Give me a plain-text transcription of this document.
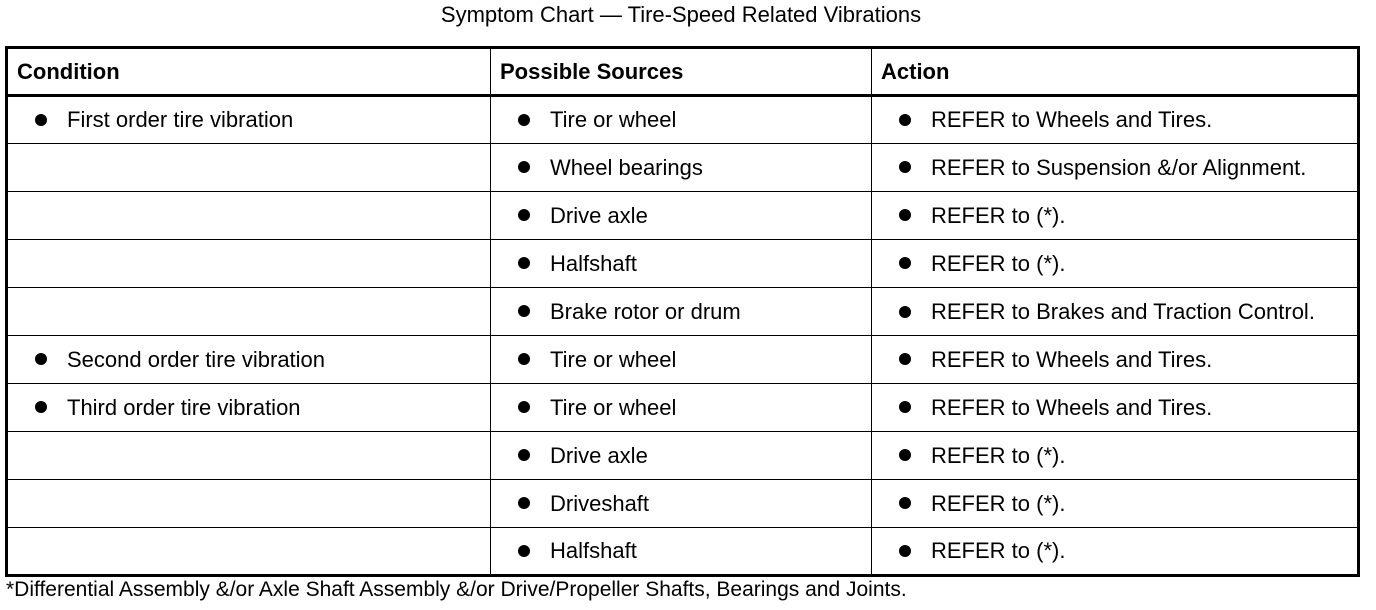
Symptom Chart — Tire-Speed Related Vibrations
Condition	Possible Sources	Action
First order tire vibration	Tire or wheel	REFER to Wheels and Tires.
	Wheel bearings	REFER to Suspension &/or Alignment.
	Drive axle	REFER to (*).
	Halfshaft	REFER to (*).
	Brake rotor or drum	REFER to Brakes and Traction Control.

Second order tire vibration	Tire or wheel	REFER to Wheels and Tires.
Third order tire vibration	Tire or wheel	REFER to Wheels and Tires.
	Drive axle	REFER to (*).
	Driveshaft	REFER to (*).
	Halfshaft	REFER to (*).
*Differential Assembly &/or Axle Shaft Assembly &/or Drive/Propeller Shafts, Bearings and Joints.
